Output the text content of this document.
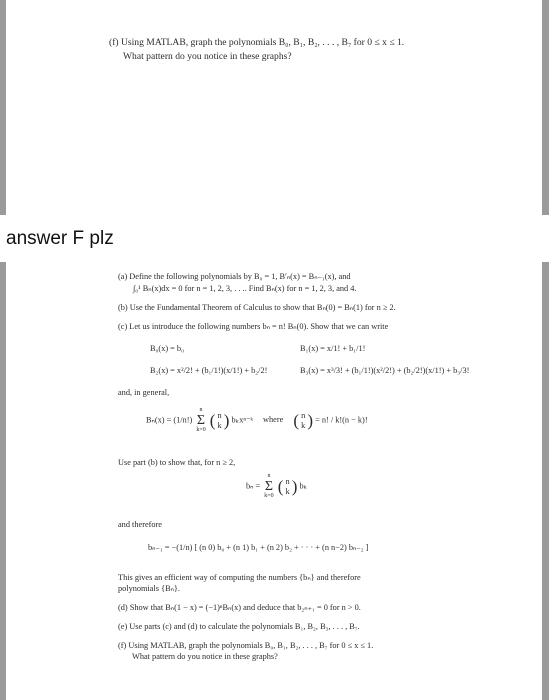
(f) Using MATLAB, graph the polynomials B₀, B₁, B₂, . . . , B₇ for 0 ≤ x ≤ 1.
What pattern do you notice in these graphs?
answer F plz
(a) Define the following polynomials by B₀ = 1, B′ₙ(x) = Bₙ₋₁(x), and
∫₀¹ Bₙ(x)dx = 0 for n = 1, 2, 3, . . .. Find Bₙ(x) for n = 1, 2, 3, and 4.
(b) Use the Fundamental Theorem of Calculus to show that Bₙ(0) = Bₙ(1) for n ≥ 2.
(c) Let us introduce the following numbers bₙ = n! Bₙ(0). Show that we can write
B₀(x) = b₀	B₁(x) = x/1! + b₁/1!
B₂(x) = x²/2! + (b₁/1!)(x/1!) + b₂/2!	B₃(x) = x³/3! + (b₁/1!)(x²/2!) + (b₂/2!)(x/1!) + b₃/3!
and, in general,
Bₙ(x) = (1/n!)
n
Σ
k=0
( n
k ) bₖxⁿ⁻ᵏ where ( n
k ) = n! / k!(n − k)!
Use part (b) to show that, for n ≥ 2,
bₙ =
n
Σ
k=0
( n
k ) bₖ
and therefore
bₙ₋₁ = −(1/n) [ (n 0) b₀ + (n 1) b₁ + (n 2) b₂ + · · · + (n n−2) bₙ₋₂ ]
This gives an efficient way of computing the numbers {bₙ} and therefore
polynomials {Bₙ}.
(d) Show that Bₙ(1 − x) = (−1)ⁿBₙ(x) and deduce that b₂ₙ₊₁ = 0 for n > 0.
(e) Use parts (c) and (d) to calculate the polynomials B₁, B₂, B₃, . . . , B₇.
(f) Using MATLAB, graph the polynomials B₀, B₁, B₂, . . . , B₇ for 0 ≤ x ≤ 1.
What pattern do you notice in these graphs?
